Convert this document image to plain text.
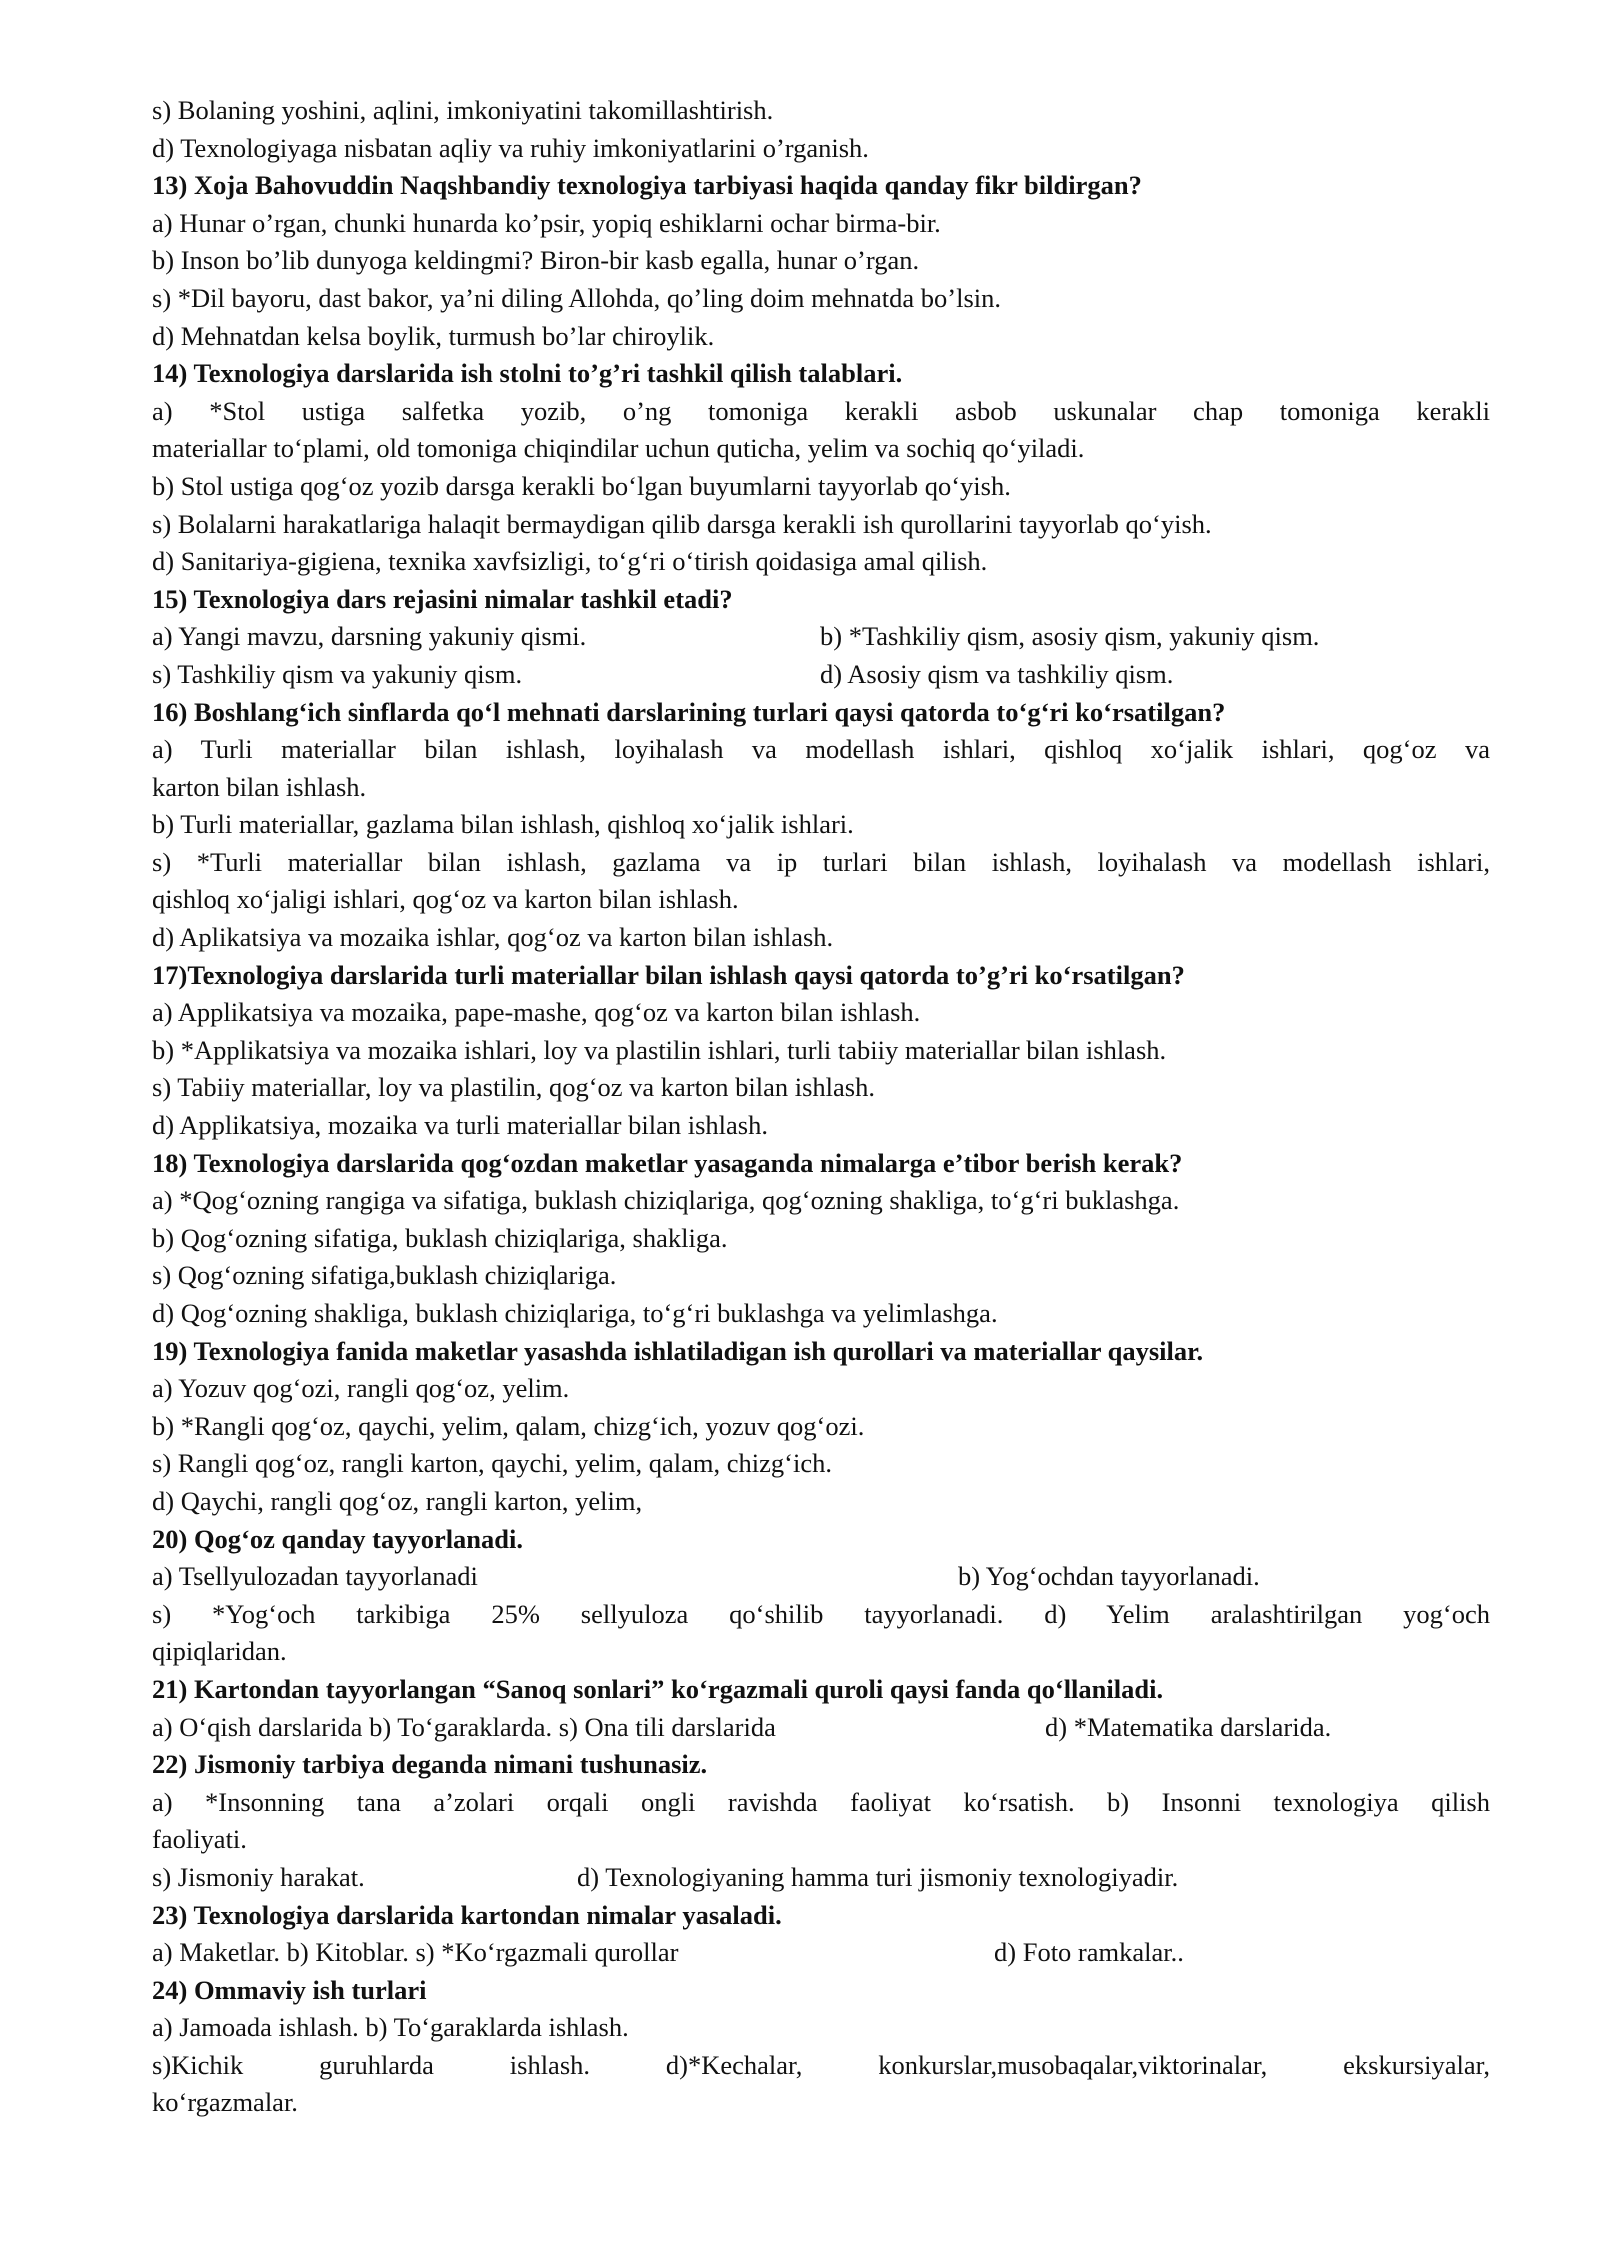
s) Bolaning yoshini, aqlini, imkoniyatini takomillashtirish.
d) Texnologiyaga nisbatan aqliy va ruhiy imkoniyatlarini o’rganish.
13) Xoja Bahovuddin Naqshbandiy texnologiya tarbiyasi haqida qanday fikr bildirgan?
a) Hunar o’rgan, chunki hunarda ko’psir, yopiq eshiklarni ochar birma-bir.
b) Inson bo’lib dunyoga keldingmi? Biron-bir kasb egalla, hunar o’rgan.
s) *Dil bayoru, dast bakor, ya’ni diling Allohda, qo’ling doim mehnatda bo’lsin.
d) Mehnatdan kelsa boylik, turmush bo’lar chiroylik.
14) Texnologiya darslarida ish stolni to’g’ri tashkil qilish talablari.
a) *Stol ustiga salfetka yozib, o’ng tomoniga kerakli asbob uskunalar chap tomoniga kerakli
materiallar to‘plami, old tomoniga chiqindilar uchun quticha, yelim va sochiq qo‘yiladi.
b) Stol ustiga qog‘oz yozib darsga kerakli bo‘lgan buyumlarni tayyorlab qo‘yish.
s) Bolalarni harakatlariga halaqit bermaydigan qilib darsga kerakli ish qurollarini tayyorlab qo‘yish.
d) Sanitariya-gigiena, texnika xavfsizligi, to‘g‘ri o‘tirish qoidasiga amal qilish.
15) Texnologiya dars rejasini nimalar tashkil etadi?
a) Yangi mavzu, darsning yakuniy qismi.	b) *Tashkiliy qism, asosiy qism, yakuniy qism.
s) Tashkiliy qism va yakuniy qism.	d) Asosiy qism va tashkiliy qism.
16) Boshlang‘ich sinflarda qo‘l mehnati darslarining turlari qaysi qatorda to‘g‘ri ko‘rsatilgan?
a) Turli materiallar bilan ishlash, loyihalash va modellash ishlari, qishloq xo‘jalik ishlari, qog‘oz va
karton bilan ishlash.
b) Turli materiallar, gazlama bilan ishlash, qishloq xo‘jalik ishlari.
s) *Turli materiallar bilan ishlash, gazlama va ip turlari bilan ishlash, loyihalash va modellash ishlari,
qishloq xo‘jaligi ishlari, qog‘oz va karton bilan ishlash.
d) Aplikatsiya va mozaika ishlar, qog‘oz va karton bilan ishlash.
17)Texnologiya darslarida turli materiallar bilan ishlash qaysi qatorda to’g’ri ko‘rsatilgan?
a) Applikatsiya va mozaika, pape-mashe, qog‘oz va karton bilan ishlash.
b) *Applikatsiya va mozaika ishlari, loy va plastilin ishlari, turli tabiiy materiallar bilan ishlash.
s) Tabiiy materiallar, loy va plastilin, qog‘oz va karton bilan ishlash.
d) Applikatsiya, mozaika va turli materiallar bilan ishlash.
18) Texnologiya darslarida qog‘ozdan maketlar yasaganda nimalarga e’tibor berish kerak?
a) *Qog‘ozning rangiga va sifatiga, buklash chiziqlariga, qog‘ozning shakliga, to‘g‘ri buklashga.
b) Qog‘ozning sifatiga, buklash chiziqlariga, shakliga.
s) Qog‘ozning sifatiga,buklash chiziqlariga.
d) Qog‘ozning shakliga, buklash chiziqlariga, to‘g‘ri buklashga va yelimlashga.
19) Texnologiya fanida maketlar yasashda ishlatiladigan ish qurollari va materiallar qaysilar.
a) Yozuv qog‘ozi, rangli qog‘oz, yelim.
b) *Rangli qog‘oz, qaychi, yelim, qalam, chizg‘ich, yozuv qog‘ozi.
s) Rangli qog‘oz, rangli karton, qaychi, yelim, qalam, chizg‘ich.
d) Qaychi, rangli qog‘oz, rangli karton, yelim,
20) Qog‘oz qanday tayyorlanadi.
a) Tsellyulozadan tayyorlanadi	b) Yog‘ochdan tayyorlanadi.
s) *Yog‘och tarkibiga 25% sellyuloza qo‘shilib tayyorlanadi. d) Yelim aralashtirilgan yog‘och
qipiqlaridan.
21) Kartondan tayyorlangan “Sanoq sonlari” ko‘rgazmali quroli qaysi fanda qo‘llaniladi.
a) O‘qish darslarida b) To‘garaklarda. s) Ona tili darslarida	d) *Matematika darslarida.
22) Jismoniy tarbiya deganda nimani tushunasiz.
a) *Insonning tana a’zolari orqali ongli ravishda faoliyat ko‘rsatish. b) Insonni texnologiya qilish
faoliyati.
s) Jismoniy harakat.	d) Texnologiyaning hamma turi jismoniy texnologiyadir.
23) Texnologiya darslarida kartondan nimalar yasaladi.
a) Maketlar. b) Kitoblar. s) *Ko‘rgazmali qurollar	d) Foto ramkalar..
24) Ommaviy ish turlari
a) Jamoada ishlash. b) To‘garaklarda ishlash.
s)Kichik guruhlarda ishlash. d)*Kechalar, konkurslar,musobaqalar,viktorinalar, ekskursiyalar,
ko‘rgazmalar.
